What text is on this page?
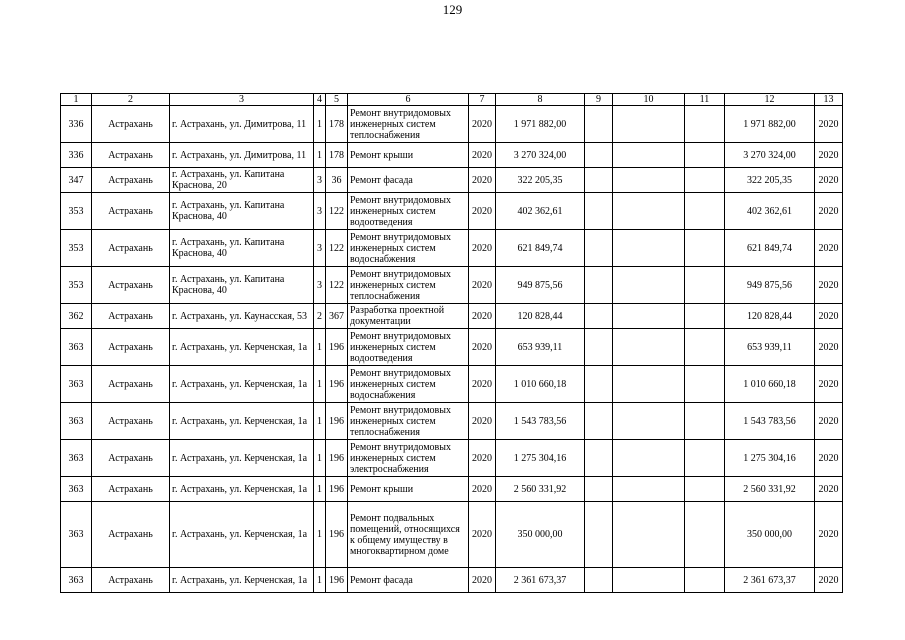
129
1	2	3	4	5	6	7	8	9	10	11	12	13
336	Астрахань	г. Астрахань, ул. Димитрова, 11	1	178	Ремонт внутридомовых инженерных систем теплоснабжения	2020	1 971 882,00				1 971 882,00	2020
336	Астрахань	г. Астрахань, ул. Димитрова, 11	1	178	Ремонт крыши	2020	3 270 324,00				3 270 324,00	2020
347	Астрахань	г. Астрахань, ул. Капитана Краснова, 20	3	36	Ремонт фасада	2020	322 205,35				322 205,35	2020
353	Астрахань	г. Астрахань, ул. Капитана Краснова, 40	3	122	Ремонт внутридомовых инженерных систем водоотведения	2020	402 362,61				402 362,61	2020
353	Астрахань	г. Астрахань, ул. Капитана Краснова, 40	3	122	Ремонт внутридомовых инженерных систем водоснабжения	2020	621 849,74				621 849,74	2020
353	Астрахань	г. Астрахань, ул. Капитана Краснова, 40	3	122	Ремонт внутридомовых инженерных систем теплоснабжения	2020	949 875,56				949 875,56	2020
362	Астрахань	г. Астрахань, ул. Каунасская, 53	2	367	Разработка проектной документации	2020	120 828,44				120 828,44	2020
363	Астрахань	г. Астрахань, ул. Керченская, 1а	1	196	Ремонт внутридомовых инженерных систем водоотведения	2020	653 939,11				653 939,11	2020
363	Астрахань	г. Астрахань, ул. Керченская, 1а	1	196	Ремонт внутридомовых инженерных систем водоснабжения	2020	1 010 660,18				1 010 660,18	2020
363	Астрахань	г. Астрахань, ул. Керченская, 1а	1	196	Ремонт внутридомовых инженерных систем теплоснабжения	2020	1 543 783,56				1 543 783,56	2020
363	Астрахань	г. Астрахань, ул. Керченская, 1а	1	196	Ремонт внутридомовых инженерных систем электроснабжения	2020	1 275 304,16				1 275 304,16	2020
363	Астрахань	г. Астрахань, ул. Керченская, 1а	1	196	Ремонт крыши	2020	2 560 331,92				2 560 331,92	2020
363	Астрахань	г. Астрахань, ул. Керченская, 1а	1	196	Ремонт подвальных помещений, относящихся к общему имуществу в многоквартирном доме	2020	350 000,00				350 000,00	2020
363	Астрахань	г. Астрахань, ул. Керченская, 1а	1	196	Ремонт фасада	2020	2 361 673,37				2 361 673,37	2020
